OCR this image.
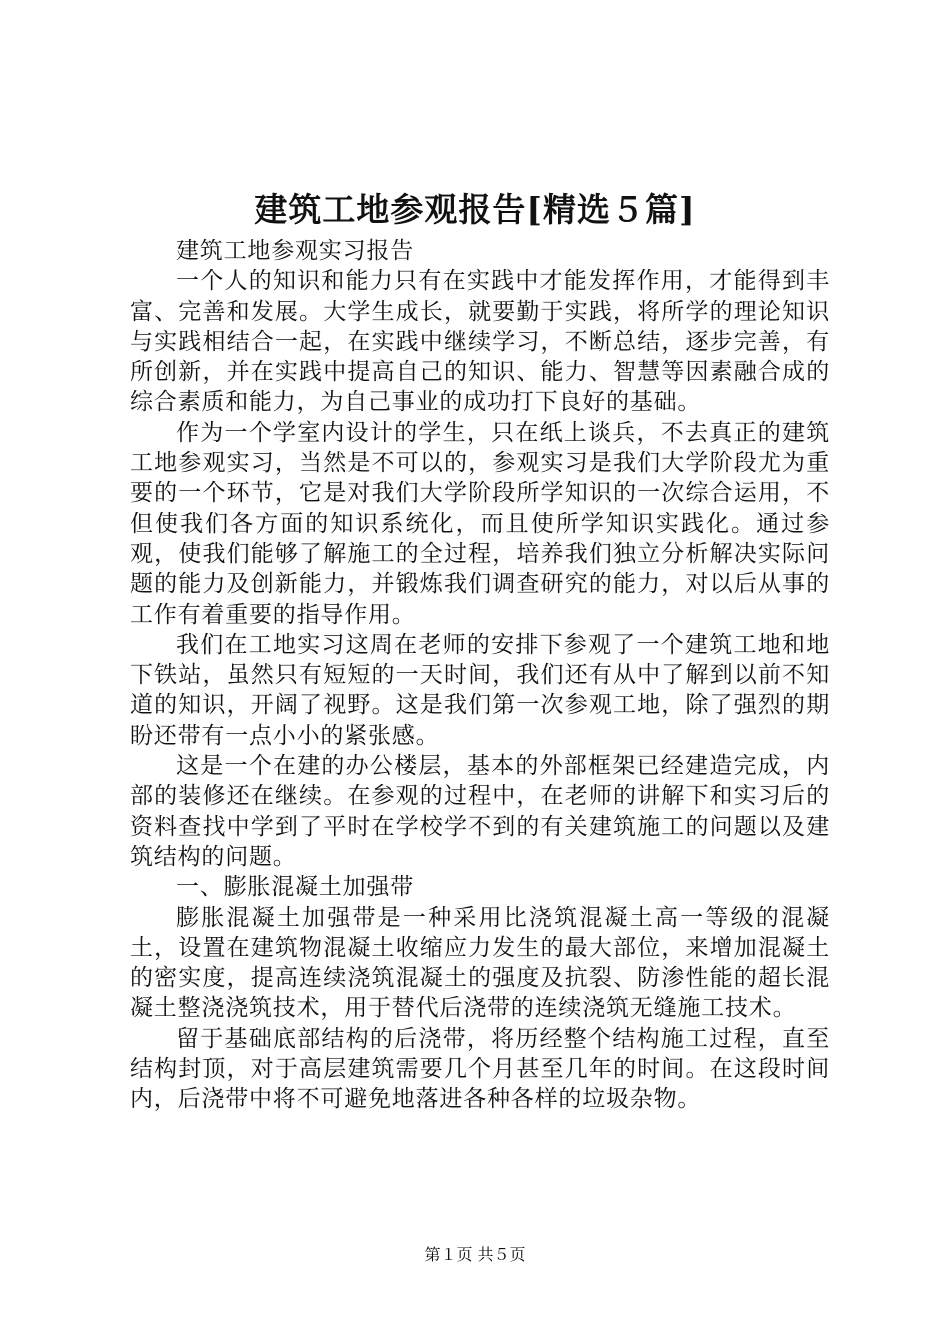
建筑工地参观报告[精选５篇]

建筑工地参观实习报告

一个人的知识和能力只有在实践中才能发挥作用，才能得到丰富、完善和发展。大学生成长，就要勤于实践，将所学的理论知识与实践相结合一起，在实践中继续学习，不断总结，逐步完善，有所创新，并在实践中提高自己的知识、能力、智慧等因素融合成的综合素质和能力，为自己事业的成功打下良好的基础。

作为一个学室内设计的学生，只在纸上谈兵，不去真正的建筑工地参观实习，当然是不可以的，参观实习是我们大学阶段尤为重要的一个环节，它是对我们大学阶段所学知识的一次综合运用，不但使我们各方面的知识系统化，而且使所学知识实践化。通过参观，使我们能够了解施工的全过程，培养我们独立分析解决实际问题的能力及创新能力，并锻炼我们调查研究的能力，对以后从事的工作有着重要的指导作用。

我们在工地实习这周在老师的安排下参观了一个建筑工地和地下铁站，虽然只有短短的一天时间，我们还有从中了解到以前不知道的知识，开阔了视野。这是我们第一次参观工地，除了强烈的期盼还带有一点小小的紧张感。

这是一个在建的办公楼层，基本的外部框架已经建造完成，内部的装修还在继续。在参观的过程中，在老师的讲解下和实习后的资料查找中学到了平时在学校学不到的有关建筑施工的问题以及建筑结构的问题。

一、膨胀混凝土加强带

膨胀混凝土加强带是一种采用比浇筑混凝土高一等级的混凝土，设置在建筑物混凝土收缩应力发生的最大部位，来增加混凝土的密实度，提高连续浇筑混凝土的强度及抗裂、防渗性能的超长混凝土整浇浇筑技术，用于替代后浇带的连续浇筑无缝施工技术。

留于基础底部结构的后浇带，将历经整个结构施工过程，直至结构封顶，对于高层建筑需要几个月甚至几年的时间。在这段时间内，后浇带中将不可避免地落进各种各样的垃圾杂物。

第１页 共５页
